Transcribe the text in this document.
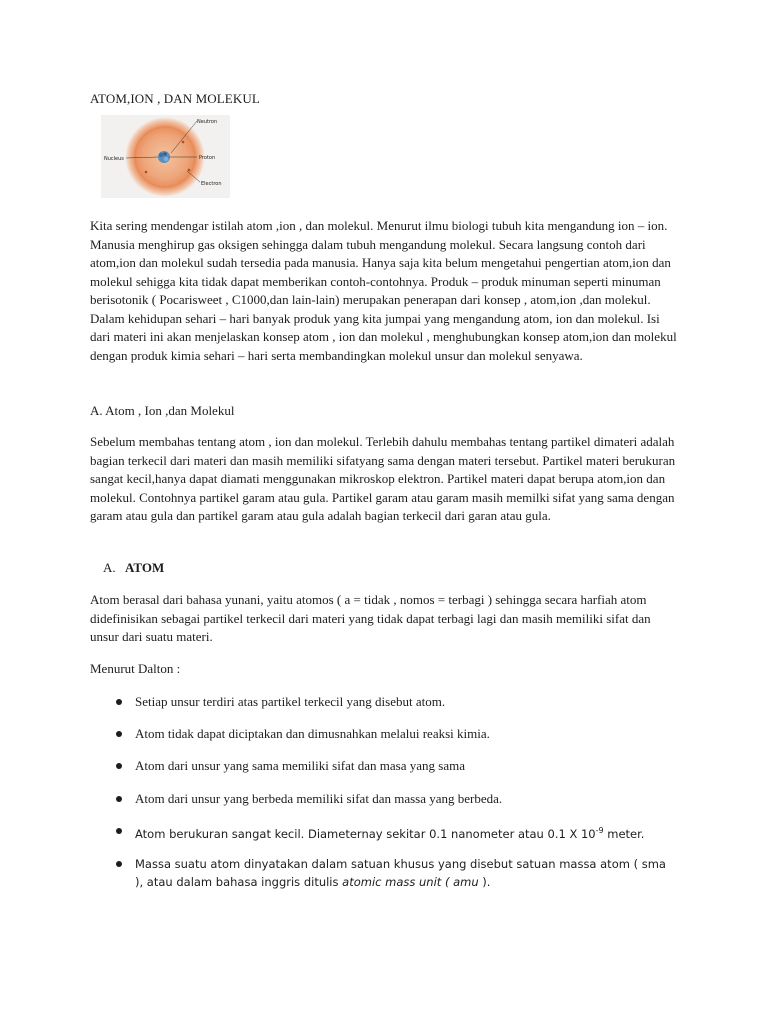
ATOM,ION , DAN MOLEKUL
Neutron
Nucleus	Proton
Electron

Kita sering mendengar istilah atom ,ion , dan molekul. Menurut ilmu biologi tubuh kita mengandung ion – ion. Manusia menghirup gas oksigen sehingga dalam tubuh mengandung molekul. Secara langsung contoh dari atom,ion dan molekul sudah tersedia pada manusia. Hanya saja kita belum mengetahui pengertian atom,ion dan molekul sehigga kita tidak dapat memberikan contoh-contohnya. Produk – produk minuman seperti minuman berisotonik ( Pocarisweet , C1000,dan lain-lain) merupakan penerapan dari konsep , atom,ion ,dan molekul. Dalam kehidupan sehari – hari banyak produk yang kita jumpai yang mengandung atom, ion dan molekul. Isi dari materi ini akan menjelaskan konsep atom , ion dan molekul , menghubungkan konsep atom,ion dan molekul dengan produk kimia sehari – hari serta membandingkan molekul unsur dan molekul senyawa.

A. Atom , Ion ,dan Molekul

Sebelum membahas tentang atom , ion dan molekul. Terlebih dahulu membahas tentang partikel dimateri adalah bagian terkecil dari materi dan masih memiliki sifatyang sama dengan materi tersebut. Partikel materi berukuran sangat kecil,hanya dapat diamati menggunakan mikroskop elektron. Partikel materi dapat berupa atom,ion dan molekul. Contohnya partikel garam atau gula. Partikel garam atau garam masih memilki sifat yang sama dengan garam atau gula dan partikel garam atau gula adalah bagian terkecil dari garan atau gula.

A. ATOM

Atom berasal dari bahasa yunani, yaitu atomos ( a = tidak , nomos = terbagi ) sehingga secara harfiah atom didefinisikan sebagai partikel terkecil dari materi yang tidak dapat terbagi lagi dan masih memiliki sifat dan unsur dari suatu materi.

Menurut Dalton :
Setiap unsur terdiri atas partikel terkecil yang disebut atom.
Atom tidak dapat diciptakan dan dimusnahkan melalui reaksi kimia.
Atom dari unsur yang sama memiliki sifat dan masa yang sama
Atom dari unsur yang berbeda memiliki sifat dan massa yang berbeda.
Atom berukuran sangat kecil. Diameternay sekitar 0.1 nanometer atau 0.1 X $10^{-9}$ meter.
Massa suatu atom dinyatakan dalam satuan khusus yang disebut satuan massa atom ( sma ), atau dalam bahasa inggris ditulis atomic mass unit ( amu ).
